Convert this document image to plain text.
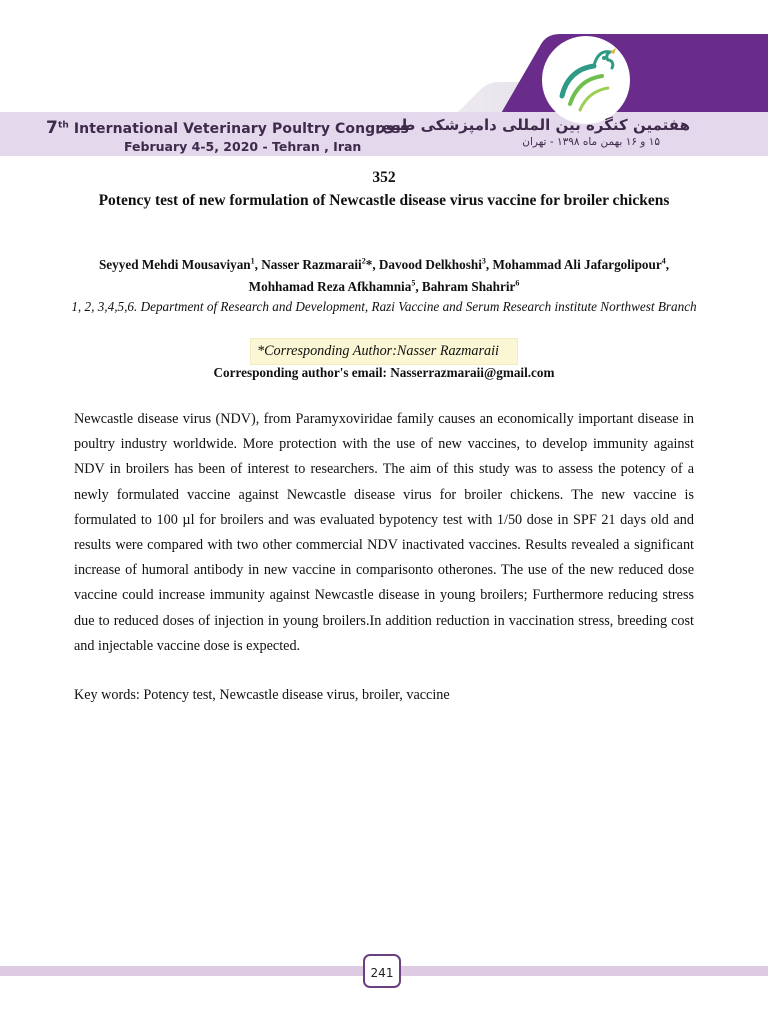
7th International Veterinary Poultry Congress
February 4-5, 2020 - Tehran , Iran
هفتمین کنگره بین المللی دامپزشکی طیور
۱۵ و ۱۶ بهمن ماه ۱۳۹۸ - تهران
352
Potency test of new formulation of Newcastle disease virus vaccine for broiler chickens
Seyyed Mehdi Mousaviyan$^1$, Nasser Razmaraii$^2$*, Davood Delkhoshi$^3$, Mohammad Ali Jafargolipour$^4$, Mohhamad Reza Afkhamnia$^5$, Bahram Shahrir$^6$
1, 2, 3,4,5,6. Department of Research and Development, Razi Vaccine and Serum Research institute Northwest Branch
*Corresponding Author:Nasser Razmaraii
Corresponding author's email: Nasserrazmaraii@gmail.com
Newcastle disease virus (NDV), from Paramyxoviridae family causes an economically important disease in poultry industry worldwide. More protection with the use of new vaccines, to develop immunity against NDV in broilers has been of interest to researchers. The aim of this study was to assess the potency of a newly formulated vaccine against Newcastle disease virus for broiler chickens. The new vaccine is formulated to 100 µl for broilers and was evaluated bypotency test with 1/50 dose in SPF 21 days old and results were compared with two other commercial NDV inactivated vaccines. Results revealed a significant increase of humoral antibody in new vaccine in comparisonto otherones. The use of the new reduced dose vaccine could increase immunity against Newcastle disease in young broilers; Furthermore reducing stress due to reduced doses of injection in young broilers.In addition reduction in vaccination stress, breeding cost and injectable vaccine dose is expected.
Key words: Potency test, Newcastle disease virus, broiler, vaccine
241
